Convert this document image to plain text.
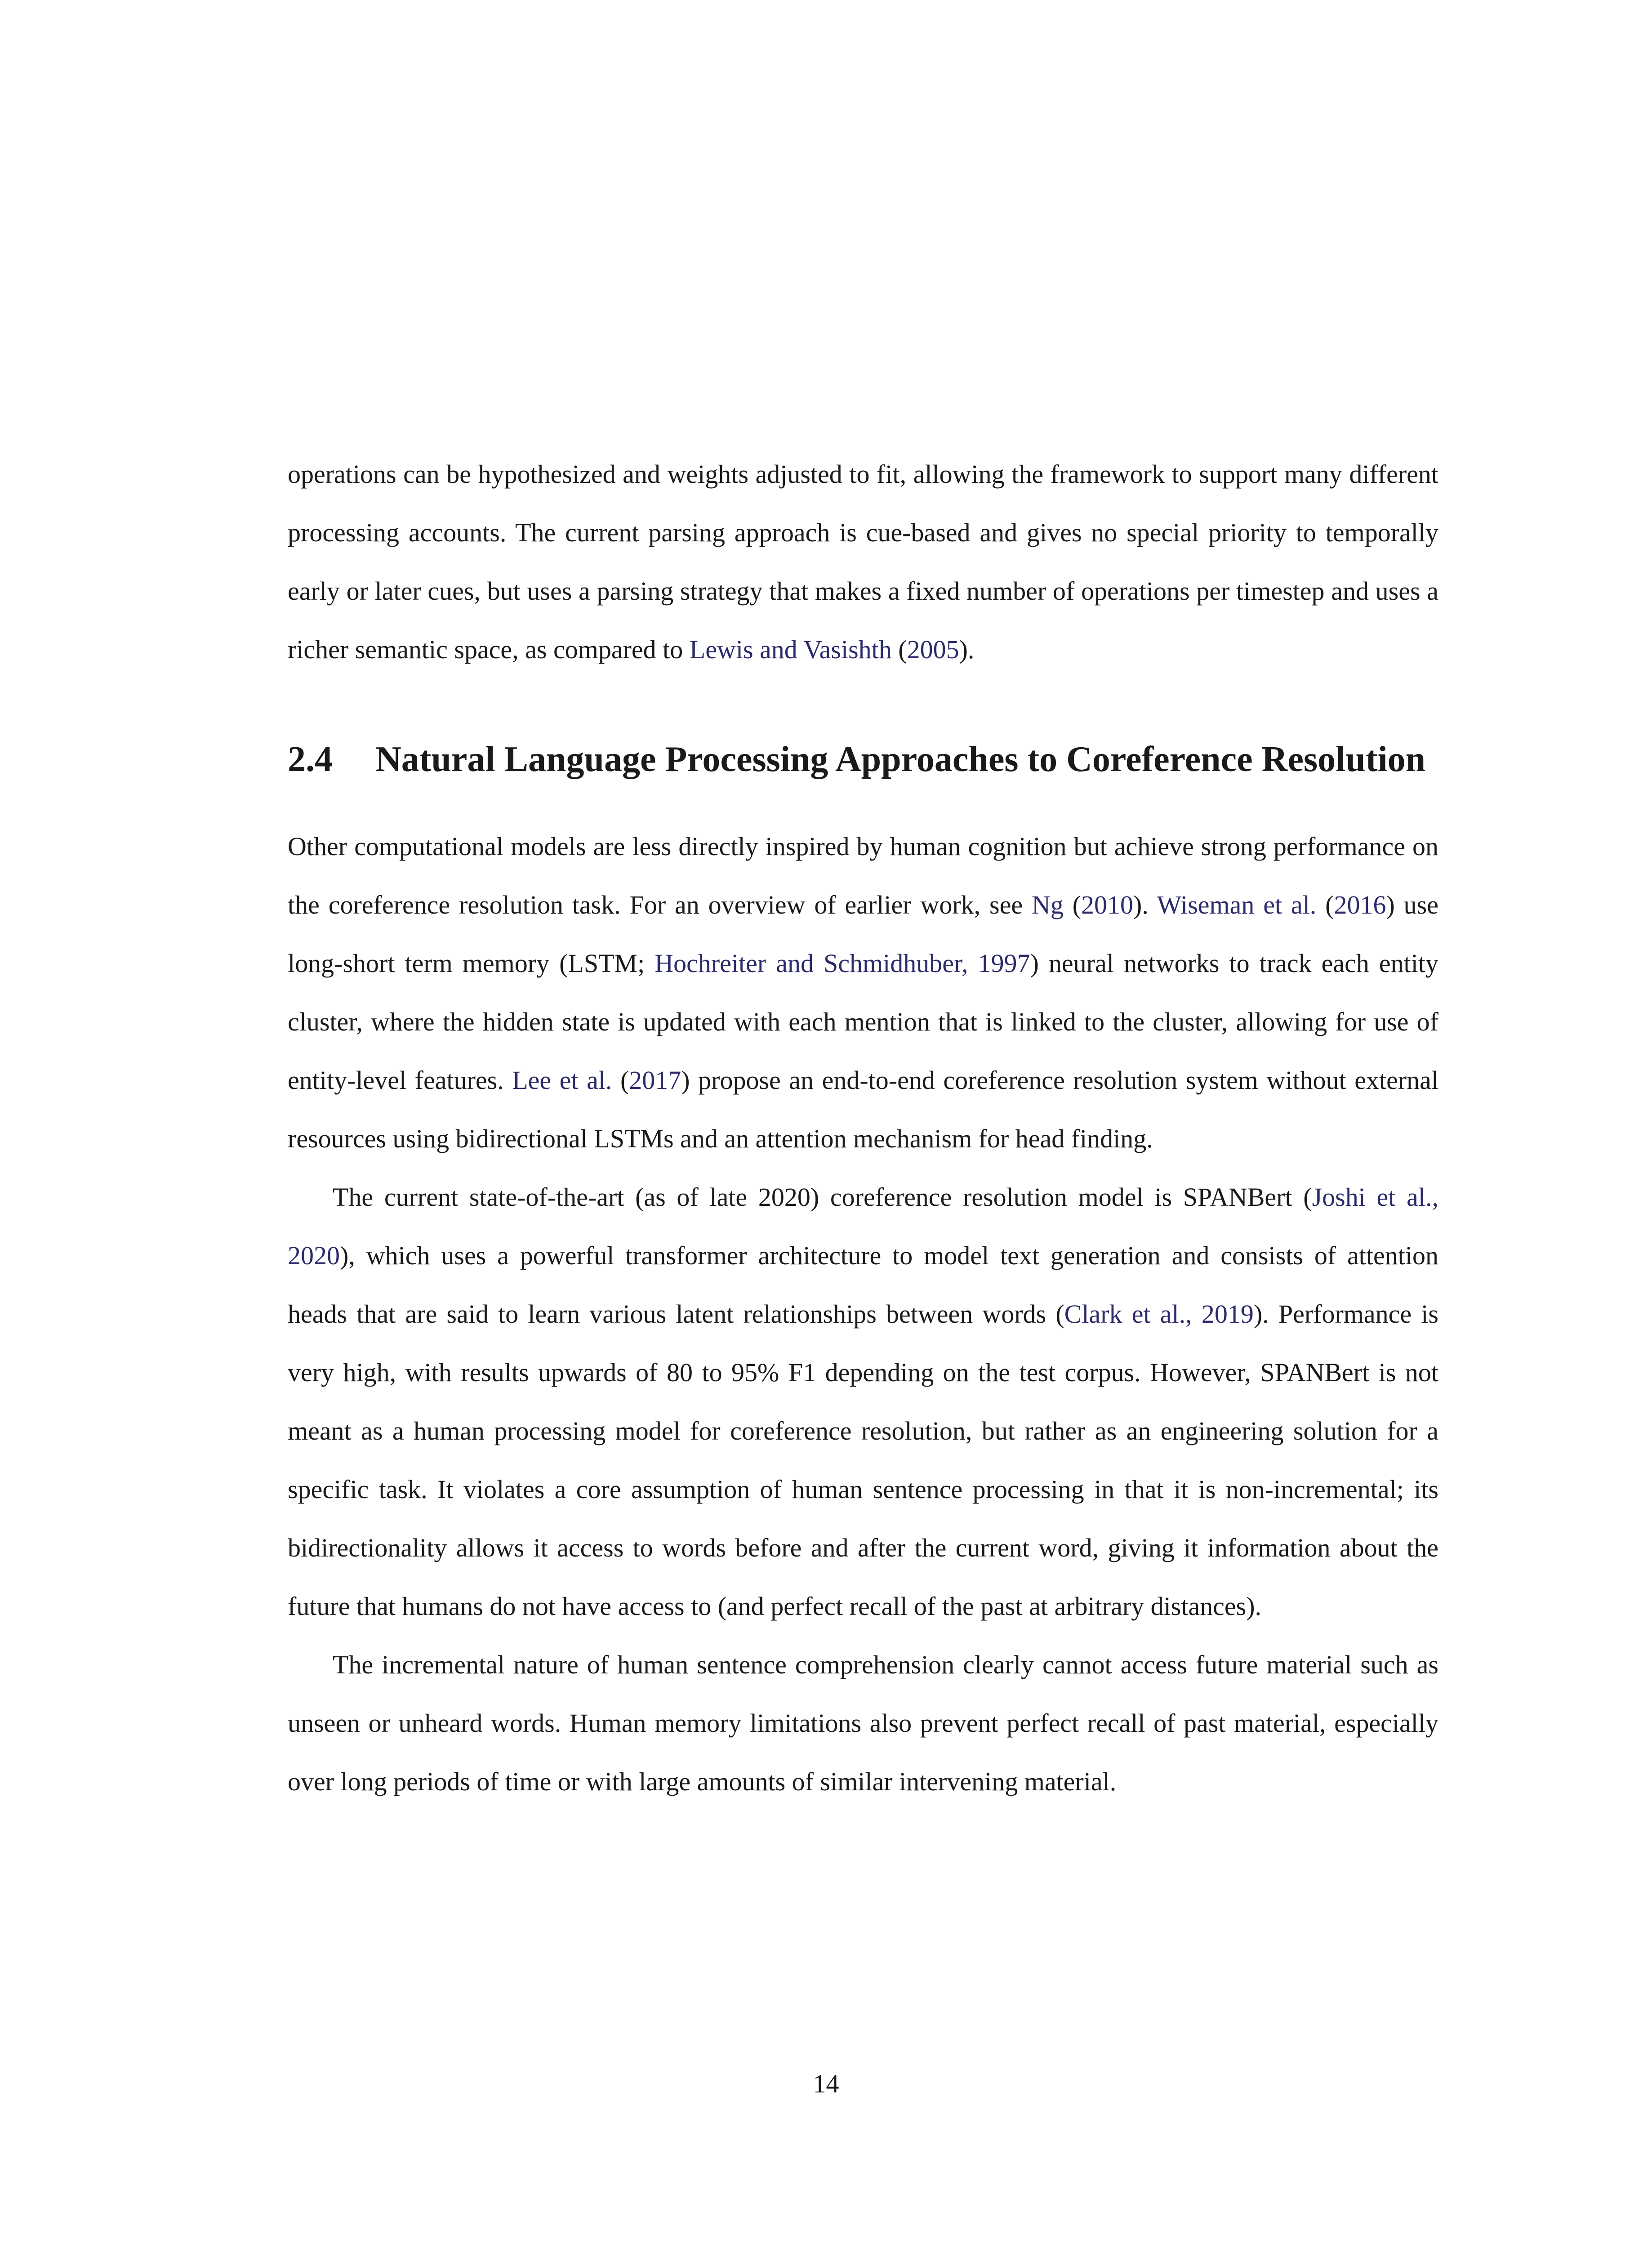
operations can be hypothesized and weights adjusted to fit, allowing the framework to support many different processing accounts. The current parsing approach is cue-based and gives no special priority to temporally early or later cues, but uses a parsing strategy that makes a fixed number of operations per timestep and uses a richer semantic space, as compared to Lewis and Vasishth (2005).

2.4	Natural Language Processing Approaches to Coreference Resolution

Other computational models are less directly inspired by human cognition but achieve strong performance on the coreference resolution task. For an overview of earlier work, see Ng (2010). Wiseman et al. (2016) use long-short term memory (LSTM; Hochreiter and Schmidhuber, 1997) neural networks to track each entity cluster, where the hidden state is updated with each mention that is linked to the cluster, allowing for use of entity-level features. Lee et al. (2017) propose an end-to-end coreference resolution system without external resources using bidirectional LSTMs and an attention mechanism for head finding.

The current state-of-the-art (as of late 2020) coreference resolution model is SPANBert (Joshi et al., 2020), which uses a powerful transformer architecture to model text generation and consists of attention heads that are said to learn various latent relationships between words (Clark et al., 2019). Performance is very high, with results upwards of 80 to 95% F1 depending on the test corpus. However, SPANBert is not meant as a human processing model for coreference resolution, but rather as an engineering solution for a specific task. It violates a core assumption of human sentence processing in that it is non-incremental; its bidirectionality allows it access to words before and after the current word, giving it information about the future that humans do not have access to (and perfect recall of the past at arbitrary distances).

The incremental nature of human sentence comprehension clearly cannot access future material such as unseen or unheard words. Human memory limitations also prevent perfect recall of past material, especially over long periods of time or with large amounts of similar intervening material.

14
